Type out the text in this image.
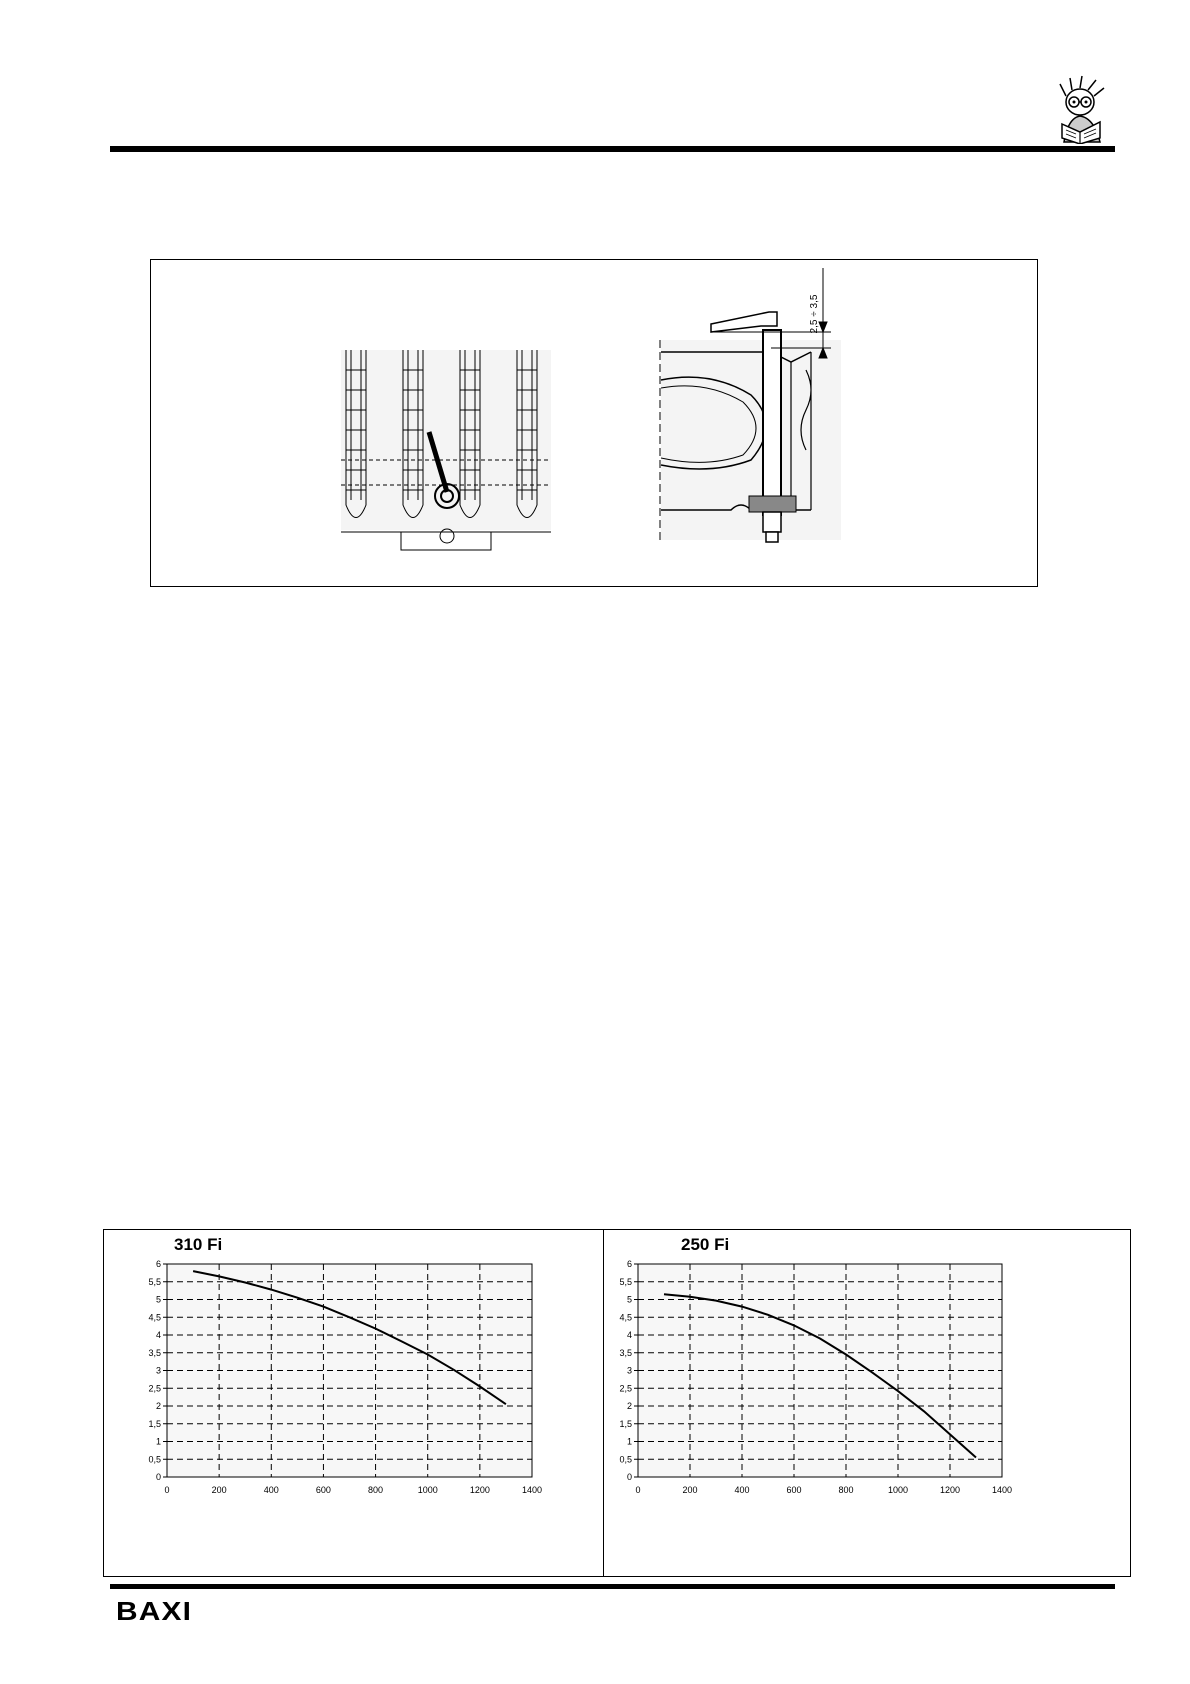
2,5 ÷ 3,5
310 Fi
0	200	400	600	800	1000	1200	1400
0
0,5
1
1,5
2
2,5
3
3,5
4
4,5
5
5,5
6
250 Fi
0	200	400	600	800	1000	1200	1400
0
0,5
1
1,5
2
2,5
3
3,5
4
4,5
5
5,5
6
BAXI
